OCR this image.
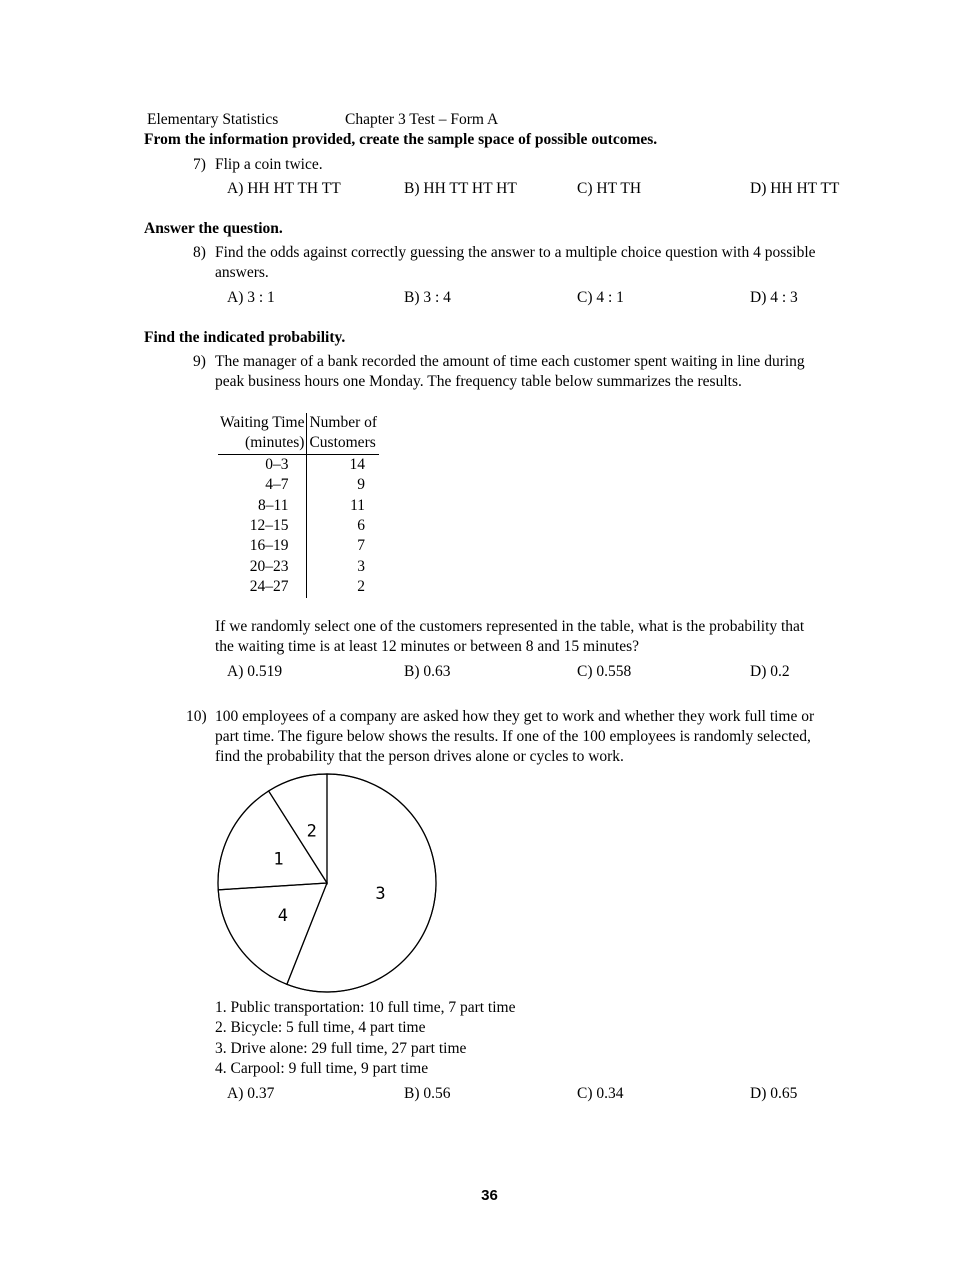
Elementary Statistics	Chapter 3 Test – Form A
From the information provided, create the sample space of possible outcomes.
7) Flip a coin twice.
A) HH HT TH TT	B) HH TT HT HT	C) HT TH	D) HH HT TT
Answer the question.
8) Find the odds against correctly guessing the answer to a multiple choice question with 4 possible
answers.
A) 3 : 1	B) 3 : 4	C) 4 : 1	D) 4 : 3
Find the indicated probability.
9) The manager of a bank recorded the amount of time each customer spent waiting in line during
peak business hours one Monday. The frequency table below summarizes the results.
Waiting Time	Number of
(minutes)	Customers
0–3	14
4–7	9
8–11	11
12–15	6
16–19	7
20–23	3
24–27	2
If we randomly select one of the customers represented in the table, what is the probability that
the waiting time is at least 12 minutes or between 8 and 15 minutes?
A) 0.519	B) 0.63	C) 0.558	D) 0.2
10) 100 employees of a company are asked how they get to work and whether they work full time or
part time. The figure below shows the results. If one of the 100 employees is randomly selected,
find the probability that the person drives alone or cycles to work.
3
4
1
2
1. Public transportation: 10 full time, 7 part time
2. Bicycle: 5 full time, 4 part time
3. Drive alone: 29 full time, 27 part time
4. Carpool: 9 full time, 9 part time
A) 0.37	B) 0.56	C) 0.34	D) 0.65
36
